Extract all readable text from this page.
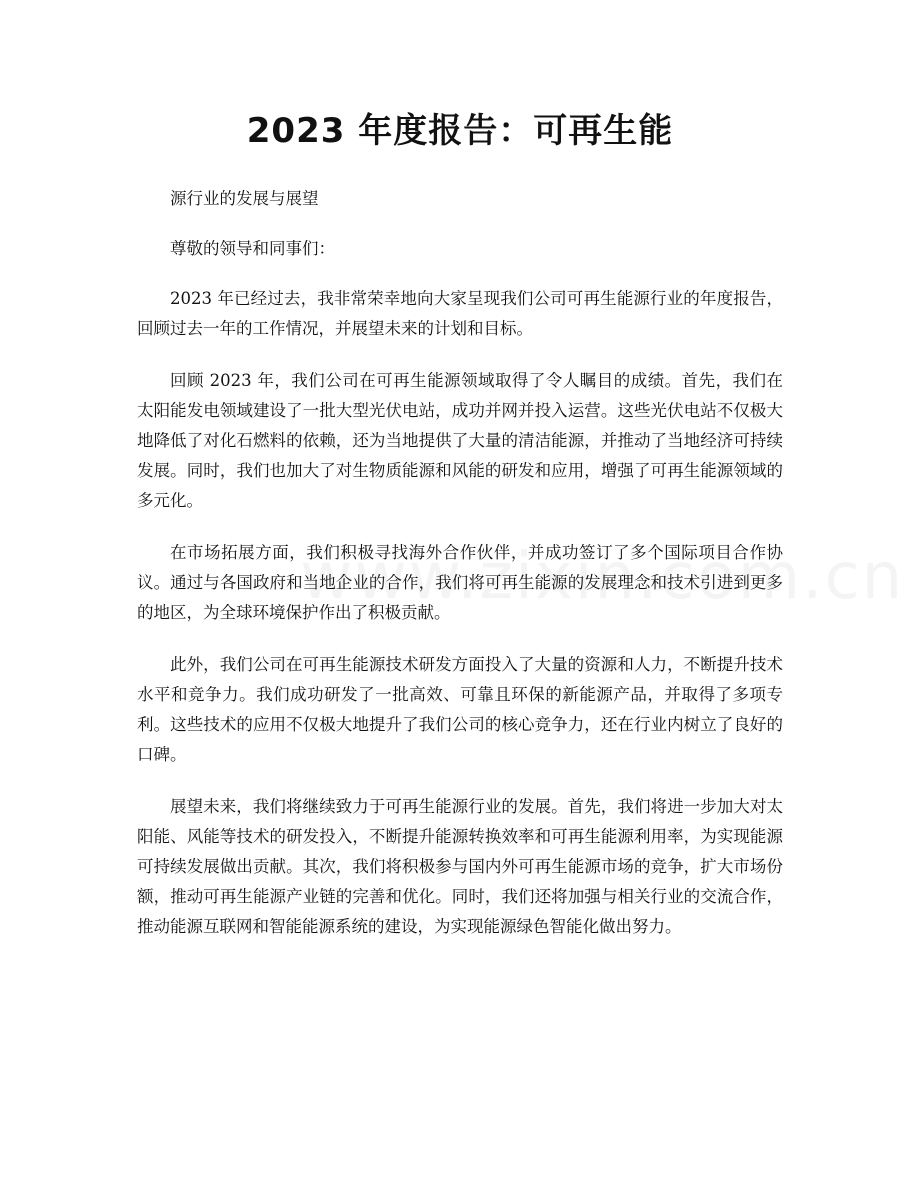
2023 年度报告：可再生能

源行业的发展与展望

尊敬的领导和同事们：

2023 年已经过去，我非常荣幸地向大家呈现我们公司可再生能源行业的年度报告，回顾过去一年的工作情况，并展望未来的计划和目标。

回顾 2023 年，我们公司在可再生能源领域取得了令人瞩目的成绩。首先，我们在太阳能发电领域建设了一批大型光伏电站，成功并网并投入运营。这些光伏电站不仅极大地降低了对化石燃料的依赖，还为当地提供了大量的清洁能源，并推动了当地经济可持续发展。同时，我们也加大了对生物质能源和风能的研发和应用，增强了可再生能源领域的多元化。

在市场拓展方面，我们积极寻找海外合作伙伴，并成功签订了多个国际项目合作协议。通过与各国政府和当地企业的合作，我们将可再生能源的发展理念和技术引进到更多的地区，为全球环境保护作出了积极贡献。

此外，我们公司在可再生能源技术研发方面投入了大量的资源和人力，不断提升技术水平和竞争力。我们成功研发了一批高效、可靠且环保的新能源产品，并取得了多项专利。这些技术的应用不仅极大地提升了我们公司的核心竞争力，还在行业内树立了良好的口碑。

展望未来，我们将继续致力于可再生能源行业的发展。首先，我们将进一步加大对太阳能、风能等技术的研发投入，不断提升能源转换效率和可再生能源利用率，为实现能源可持续发展做出贡献。其次，我们将积极参与国内外可再生能源市场的竞争，扩大市场份额，推动可再生能源产业链的完善和优化。同时，我们还将加强与相关行业的交流合作，推动能源互联网和智能能源系统的建设，为实现能源绿色智能化做出努力。
